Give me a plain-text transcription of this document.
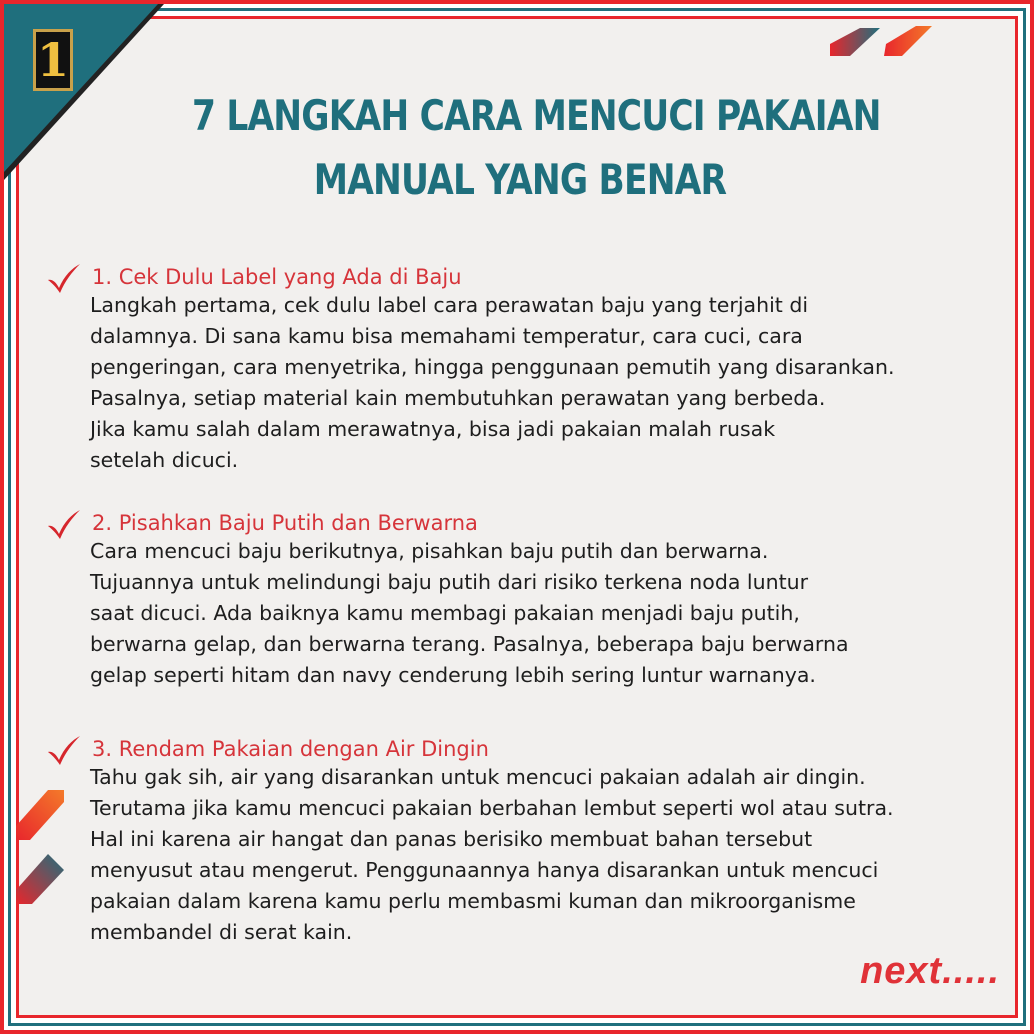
1
7 LANGKAH CARA MENCUCI PAKAIAN
MANUAL YANG BENAR
1. Cek Dulu Label yang Ada di Baju
Langkah pertama, cek dulu label cara perawatan baju yang terjahit di
dalamnya. Di sana kamu bisa memahami temperatur, cara cuci, cara
pengeringan, cara menyetrika, hingga penggunaan pemutih yang disarankan.
Pasalnya, setiap material kain membutuhkan perawatan yang berbeda.
Jika kamu salah dalam merawatnya, bisa jadi pakaian malah rusak
setelah dicuci.
2. Pisahkan Baju Putih dan Berwarna
Cara mencuci baju berikutnya, pisahkan baju putih dan berwarna.
Tujuannya untuk melindungi baju putih dari risiko terkena noda luntur
saat dicuci. Ada baiknya kamu membagi pakaian menjadi baju putih,
berwarna gelap, dan berwarna terang. Pasalnya, beberapa baju berwarna
gelap seperti hitam dan navy cenderung lebih sering luntur warnanya.
3. Rendam Pakaian dengan Air Dingin
Tahu gak sih, air yang disarankan untuk mencuci pakaian adalah air dingin.
Terutama jika kamu mencuci pakaian berbahan lembut seperti wol atau sutra.
Hal ini karena air hangat dan panas berisiko membuat bahan tersebut
menyusut atau mengerut. Penggunaannya hanya disarankan untuk mencuci
pakaian dalam karena kamu perlu membasmi kuman dan mikroorganisme
membandel di serat kain.
next.....
